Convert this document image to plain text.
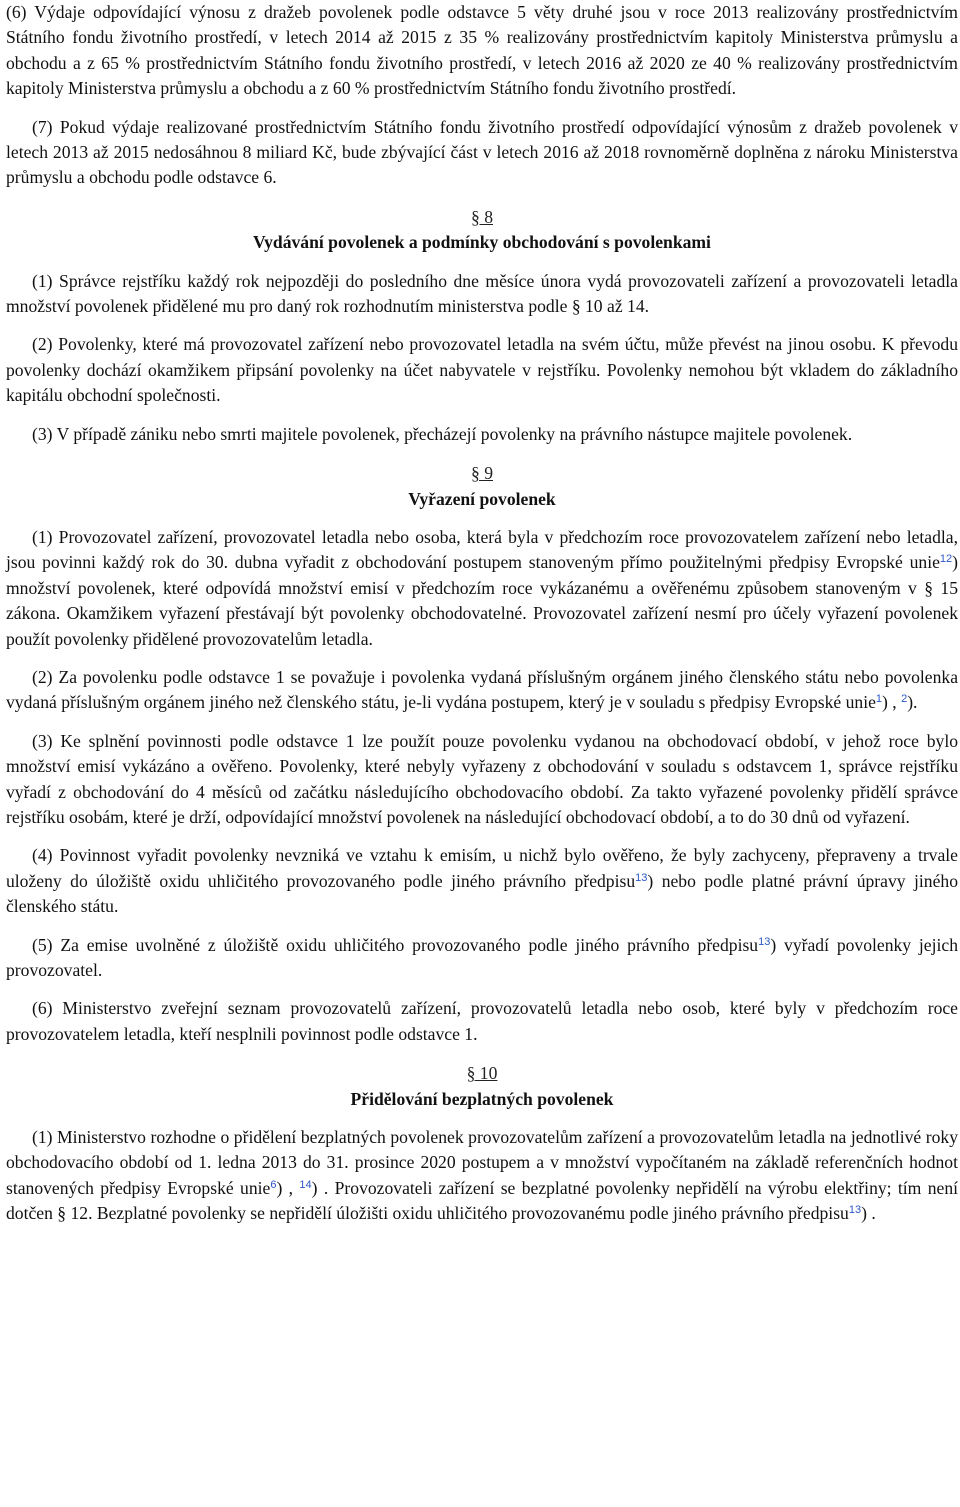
(6) Výdaje odpovídající výnosu z dražeb povolenek podle odstavce 5 věty druhé jsou v roce 2013 realizovány prostřednictvím Státního fondu životního prostředí, v letech 2014 až 2015 z 35 % realizovány prostřednictvím kapitoly Ministerstva průmyslu a obchodu a z 65 % prostřednictvím Státního fondu životního prostředí, v letech 2016 až 2020 ze 40 % realizovány prostřednictvím kapitoly Ministerstva průmyslu a obchodu a z 60 % prostřednictvím Státního fondu životního prostředí.

(7) Pokud výdaje realizované prostřednictvím Státního fondu životního prostředí odpovídající výnosům z dražeb povolenek v letech 2013 až 2015 nedosáhnou 8 miliard Kč, bude zbývající část v letech 2016 až 2018 rovnoměrně doplněna z nároku Ministerstva průmyslu a obchodu podle odstavce 6.

§ 8

Vydávání povolenek a podmínky obchodování s povolenkami

(1) Správce rejstříku každý rok nejpozději do posledního dne měsíce února vydá provozovateli zařízení a provozovateli letadla množství povolenek přidělené mu pro daný rok rozhodnutím ministerstva podle § 10 až 14.

(2) Povolenky, které má provozovatel zařízení nebo provozovatel letadla na svém účtu, může převést na jinou osobu. K převodu povolenky dochází okamžikem připsání povolenky na účet nabyvatele v rejstříku. Povolenky nemohou být vkladem do základního kapitálu obchodní společnosti.

(3) V případě zániku nebo smrti majitele povolenek, přecházejí povolenky na právního nástupce majitele povolenek.

§ 9

Vyřazení povolenek

(1) Provozovatel zařízení, provozovatel letadla nebo osoba, která byla v předchozím roce provozovatelem zařízení nebo letadla, jsou povinni každý rok do 30. dubna vyřadit z obchodování postupem stanoveným přímo použitelnými předpisy Evropské unie$^{12}$) množství povolenek, které odpovídá množství emisí v předchozím roce vykázanému a ověřenému způsobem stanoveným v § 15 zákona. Okamžikem vyřazení přestávají být povolenky obchodovatelné. Provozovatel zařízení nesmí pro účely vyřazení povolenek použít povolenky přidělené provozovatelům letadla.

(2) Za povolenku podle odstavce 1 se považuje i povolenka vydaná příslušným orgánem jiného členského státu nebo povolenka vydaná příslušným orgánem jiného než členského státu, je-li vydána postupem, který je v souladu s předpisy Evropské unie$^1$) , $^2$).

(3) Ke splnění povinnosti podle odstavce 1 lze použít pouze povolenku vydanou na obchodovací období, v jehož roce bylo množství emisí vykázáno a ověřeno. Povolenky, které nebyly vyřazeny z obchodování v souladu s odstavcem 1, správce rejstříku vyřadí z obchodování do 4 měsíců od začátku následujícího obchodovacího období. Za takto vyřazené povolenky přidělí správce rejstříku osobám, které je drží, odpovídající množství povolenek na následující obchodovací období, a to do 30 dnů od vyřazení.

(4) Povinnost vyřadit povolenky nevzniká ve vztahu k emisím, u nichž bylo ověřeno, že byly zachyceny, přepraveny a trvale uloženy do úložiště oxidu uhličitého provozovaného podle jiného právního předpisu$^{13}$) nebo podle platné právní úpravy jiného členského státu.

(5) Za emise uvolněné z úložiště oxidu uhličitého provozovaného podle jiného právního předpisu$^{13}$) vyřadí povolenky jejich provozovatel.

(6) Ministerstvo zveřejní seznam provozovatelů zařízení, provozovatelů letadla nebo osob, které byly v předchozím roce provozovatelem letadla, kteří nesplnili povinnost podle odstavce 1.

§ 10

Přidělování bezplatných povolenek

(1) Ministerstvo rozhodne o přidělení bezplatných povolenek provozovatelům zařízení a provozovatelům letadla na jednotlivé roky obchodovacího období od 1. ledna 2013 do 31. prosince 2020 postupem a v množství vypočítaném na základě referenčních hodnot stanovených předpisy Evropské unie$^6$) , $^{14}$) . Provozovateli zařízení se bezplatné povolenky nepřidělí na výrobu elektřiny; tím není dotčen § 12. Bezplatné povolenky se nepřidělí úložišti oxidu uhličitého provozovanému podle jiného právního předpisu$^{13}$) .
